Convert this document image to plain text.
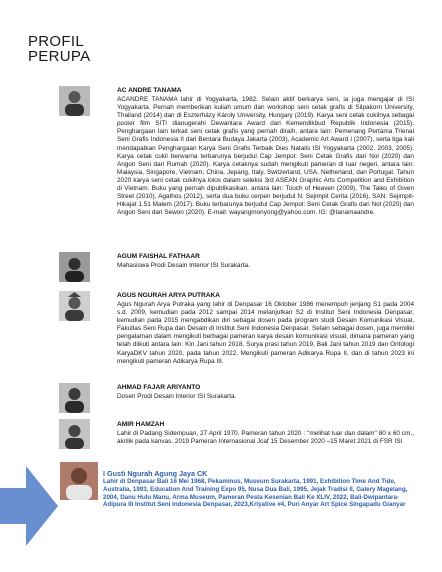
PROFIL
PERUPA
AC ANDRE TANAMA
ACANDRE TANAMA lahir di Yogyakarta, 1982. Selain aktif berkarya seni, ia juga mengajar di ISI Yogyakarta. Pernah memberikan kuliah umum dan workshop seni cetak grafis di Silpakorn University, Thailand (2014) dan di Eszterházy Károly University, Hungary (2019). Karya seni cetak cukilnya sebagai poster film SITI dianugerahi Dewantara Award dari Kemendikbud Republik Indonesia (2015). Penghargaan lain terkait seni cetak grafis yang pernah diraih, antara lain: Pemenang Pertama Trienal Seni Grafis Indonesia II dari Bentara Budaya Jakarta (2003), Academic Art Award I (2007), serta tiga kali mendapatkan Penghargaan Karya Seni Grafis Terbaik Dies Natalis ISI Yogyakarta (2002, 2003, 2005). Karya cetak cukil berwarna terbarunya berjudul Cap Jempol: Seni Cetak Grafis dari Nol (2020) dan Angon Seni dari Rumah (2020). Karya cetaknya sudah mengikuti pameran di luar negeri, antara lain: Malaysia, Singapore, Vietnam, China, Jepang, Italy, Switzerland, USA, Netherland, dan Portugal. Tahun 2020 karya seni cetak cukilnya lolos dalam seleksi 3rd ASEAN Graphic Arts Competition and Exhibition di Vietnam. Buku yang pernah dipublikasikan, antara lain: Touch of Heaven (2009), The Tales of Given Street (2010), Agathos (2012), serta dua buku cerpen berjudul N: Sejimpit Cerita (2016), SAN: Sejimpit-Hikajat 1.51 Malem (2017). Buku terbarunya berjudul Cap Jempol: Seni Cetak Grafis dari Nol (2020) dan Angon Seni dari Sewon (2020). E-mail: wayangmonyong@yahoo.com. IG: @tanamaandre.
AGUM FAISHAL FATHAAR
Mahasiswa Prodi Desain Interior ISI Surakarta.
AGUS NGURAH ARYA PUTRAKA
Agus Ngurah Arya Putraka yang lahir di Denpasar 16 Oktober 1986 menempuh jenjang S1 pada 2004 s.d. 2009, kemudian pada 2012 sampai 2014 melanjutkan S2 di Institut Seni Indonesia Denpasar, kemudian pada 2015 mengabdikan diri sebagai dosen pada program studi Desain Komunikasi Visual, Fakultas Seni Rupa dan Desain di Institut Seni Indonesia Denpasar. Selain sebagai dosen, juga memiliki pengalaman dalam mengikuti berbagai pameran karya desain komunikasi visual, dimana pameran yang telah diikuti antara lain: Kin Jani tahun 2018, Surya prasi tahun 2019, Bali Jani tahun 2019 dan Ontologi KaryaDKV tahun 2020, pada tahun 2022, Mengikuti pameran Adikarya Rupa II, dan di tahun 2023 ini mengikuti pameran Adikarya Rupa III.
AHMAD FAJAR ARIYANTO
Dosen Prodi Desain Interior ISI Surakarta.
AMIR HAMZAH
Lahir di Padang Sidempuan, 27 April 1970. Pameran tahun 2020 : "melihat luar dan dalam" 80 x 60 cm., akrilik pada kanvas. 2019 Pameran Internasional Jcaf 15 Desember 2020 –15 Maret 2021 di FSR ISI
I Gusti Ngurah Agung Jaya CK
Lahir di Denpasar Bali 16 Mei 1968, Pekaminus, Museum Surakarta, 1991, Exhibition Time And Tide, Australia, 1993, Education And Training Expo 95, Nusa Dua Bali, 1995, Jejak Tradisi II, Galery Magelang, 2004, Danu Hulu Manu, Arma Museum, Pameran Pesta Kesenian Bali Ke XLIV, 2022, Bali-Dwipantara-Adipura III Institut Seni Indonesia Denpasar, 2023,Kriyative #4, Puri Anyar Art Spice Singapadu Gianyar
